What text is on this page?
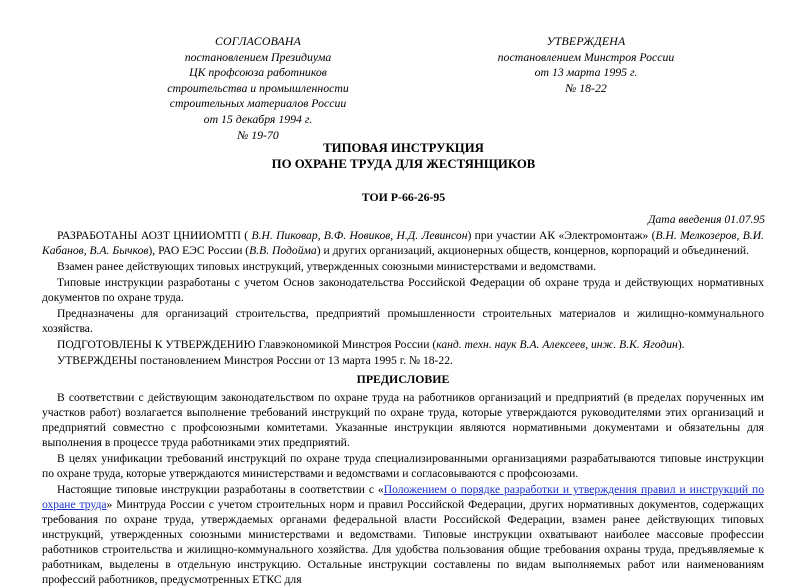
СОГЛАСОВАНА
постановлением Президиума
ЦК профсоюза работников
строительства и промышленности
строительных материалов России
от 15 декабря 1994 г.
№ 19-70
УТВЕРЖДЕНА
постановлением Минстроя России
от 13 марта 1995 г.
№ 18-22
ТИПОВАЯ ИНСТРУКЦИЯ
ПО ОХРАНЕ ТРУДА ДЛЯ ЖЕСТЯНЩИКОВ
ТОИ Р-66-26-95
Дата введения 01.07.95

РАЗРАБОТАНЫ АОЗТ ЦНИИОМТП ( В.Н. Пиковар, В.Ф. Новиков, Н.Д. Левинсон) при участии АК «Электромонтаж» (В.Н. Мелкозеров, В.И. Кабанов, В.А. Бычков), РАО ЕЭС России (В.В. Подойма) и других организаций, акционерных обществ, концернов, корпораций и объединений.

Взамен ранее действующих типовых инструкций, утвержденных союзными министерствами и ведомствами.

Типовые инструкции разработаны с учетом Основ законодательства Российской Федерации об охране труда и действующих нормативных документов по охране труда.

Предназначены для организаций строительства, предприятий промышленности строительных материалов и жилищно-коммунального хозяйства.

ПОДГОТОВЛЕНЫ К УТВЕРЖДЕНИЮ Главэкономикой Минстроя России (канд. техн. наук В.А. Алексеев, инж. В.К. Ягодин).

УТВЕРЖДЕНЫ постановлением Минстроя России от 13 марта 1995 г. № 18-22.

ПРЕДИСЛОВИЕ

В соответствии с действующим законодательством по охране труда на работников организаций и предприятий (в пределах порученных им участков работ) возлагается выполнение требований инструкций по охране труда, которые утверждаются руководителями этих организаций и предприятий совместно с профсоюзными комитетами. Указанные инструкции являются нормативными документами и обязательны для выполнения в процессе труда работниками этих предприятий.

В целях унификации требований инструкций по охране труда специализированными организациями разрабатываются типовые инструкции по охране труда, которые утверждаются министерствами и ведомствами и согласовываются с профсоюзами.

Настоящие типовые инструкции разработаны в соответствии с «Положением о порядке разработки и утверждения правил и инструкций по охране труда» Минтруда России с учетом строительных норм и правил Российской Федерации, других нормативных документов, содержащих требования по охране труда, утверждаемых органами федеральной власти Российской Федерации, взамен ранее действующих типовых инструкций, утвержденных союзными министерствами и ведомствами. Типовые инструкции охватывают наиболее массовые профессии работников строительства и жилищно-коммунального хозяйства. Для удобства пользования общие требования охраны труда, предъявляемые к работникам, выделены в отдельную инструкцию. Остальные инструкции составлены по видам выполняемых работ или наименованиям профессий работников, предусмотренных ЕТКС для
